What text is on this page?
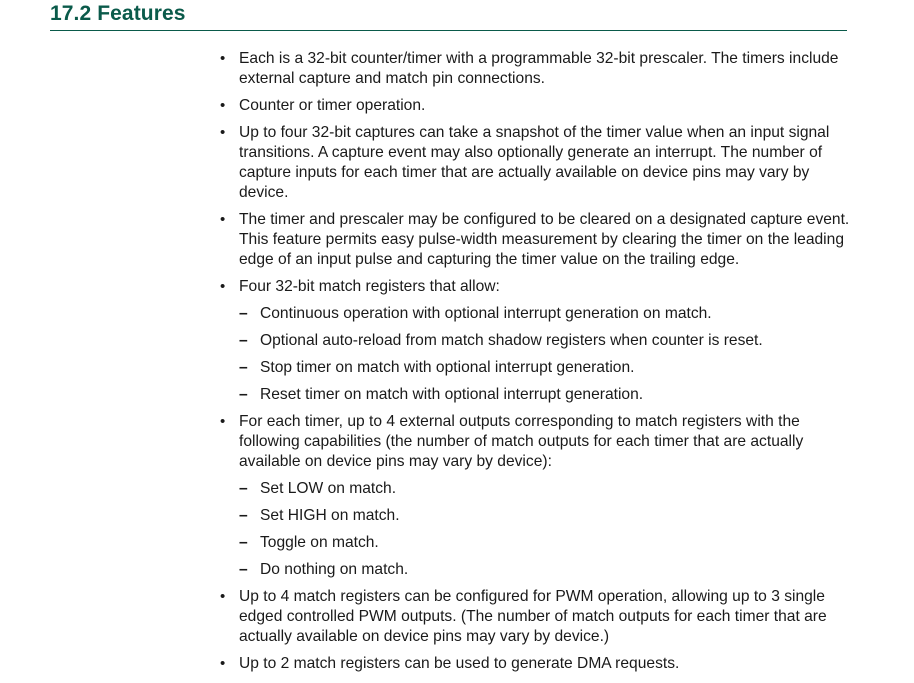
17.2 Features
• Each is a 32-bit counter/timer with a programmable 32-bit prescaler. The timers include external capture and match pin connections.
• Counter or timer operation.
• Up to four 32-bit captures can take a snapshot of the timer value when an input signal transitions. A capture event may also optionally generate an interrupt. The number of capture inputs for each timer that are actually available on device pins may vary by device.
• The timer and prescaler may be configured to be cleared on a designated capture event. This feature permits easy pulse-width measurement by clearing the timer on the leading edge of an input pulse and capturing the timer value on the trailing edge.
• Four 32-bit match registers that allow:
– Continuous operation with optional interrupt generation on match.
– Optional auto-reload from match shadow registers when counter is reset.
– Stop timer on match with optional interrupt generation.
– Reset timer on match with optional interrupt generation.
• For each timer, up to 4 external outputs corresponding to match registers with the following capabilities (the number of match outputs for each timer that are actually available on device pins may vary by device):
– Set LOW on match.
– Set HIGH on match.
– Toggle on match.
– Do nothing on match.
• Up to 4 match registers can be configured for PWM operation, allowing up to 3 single edged controlled PWM outputs. (The number of match outputs for each timer that are actually available on device pins may vary by device.)
• Up to 2 match registers can be used to generate DMA requests.
